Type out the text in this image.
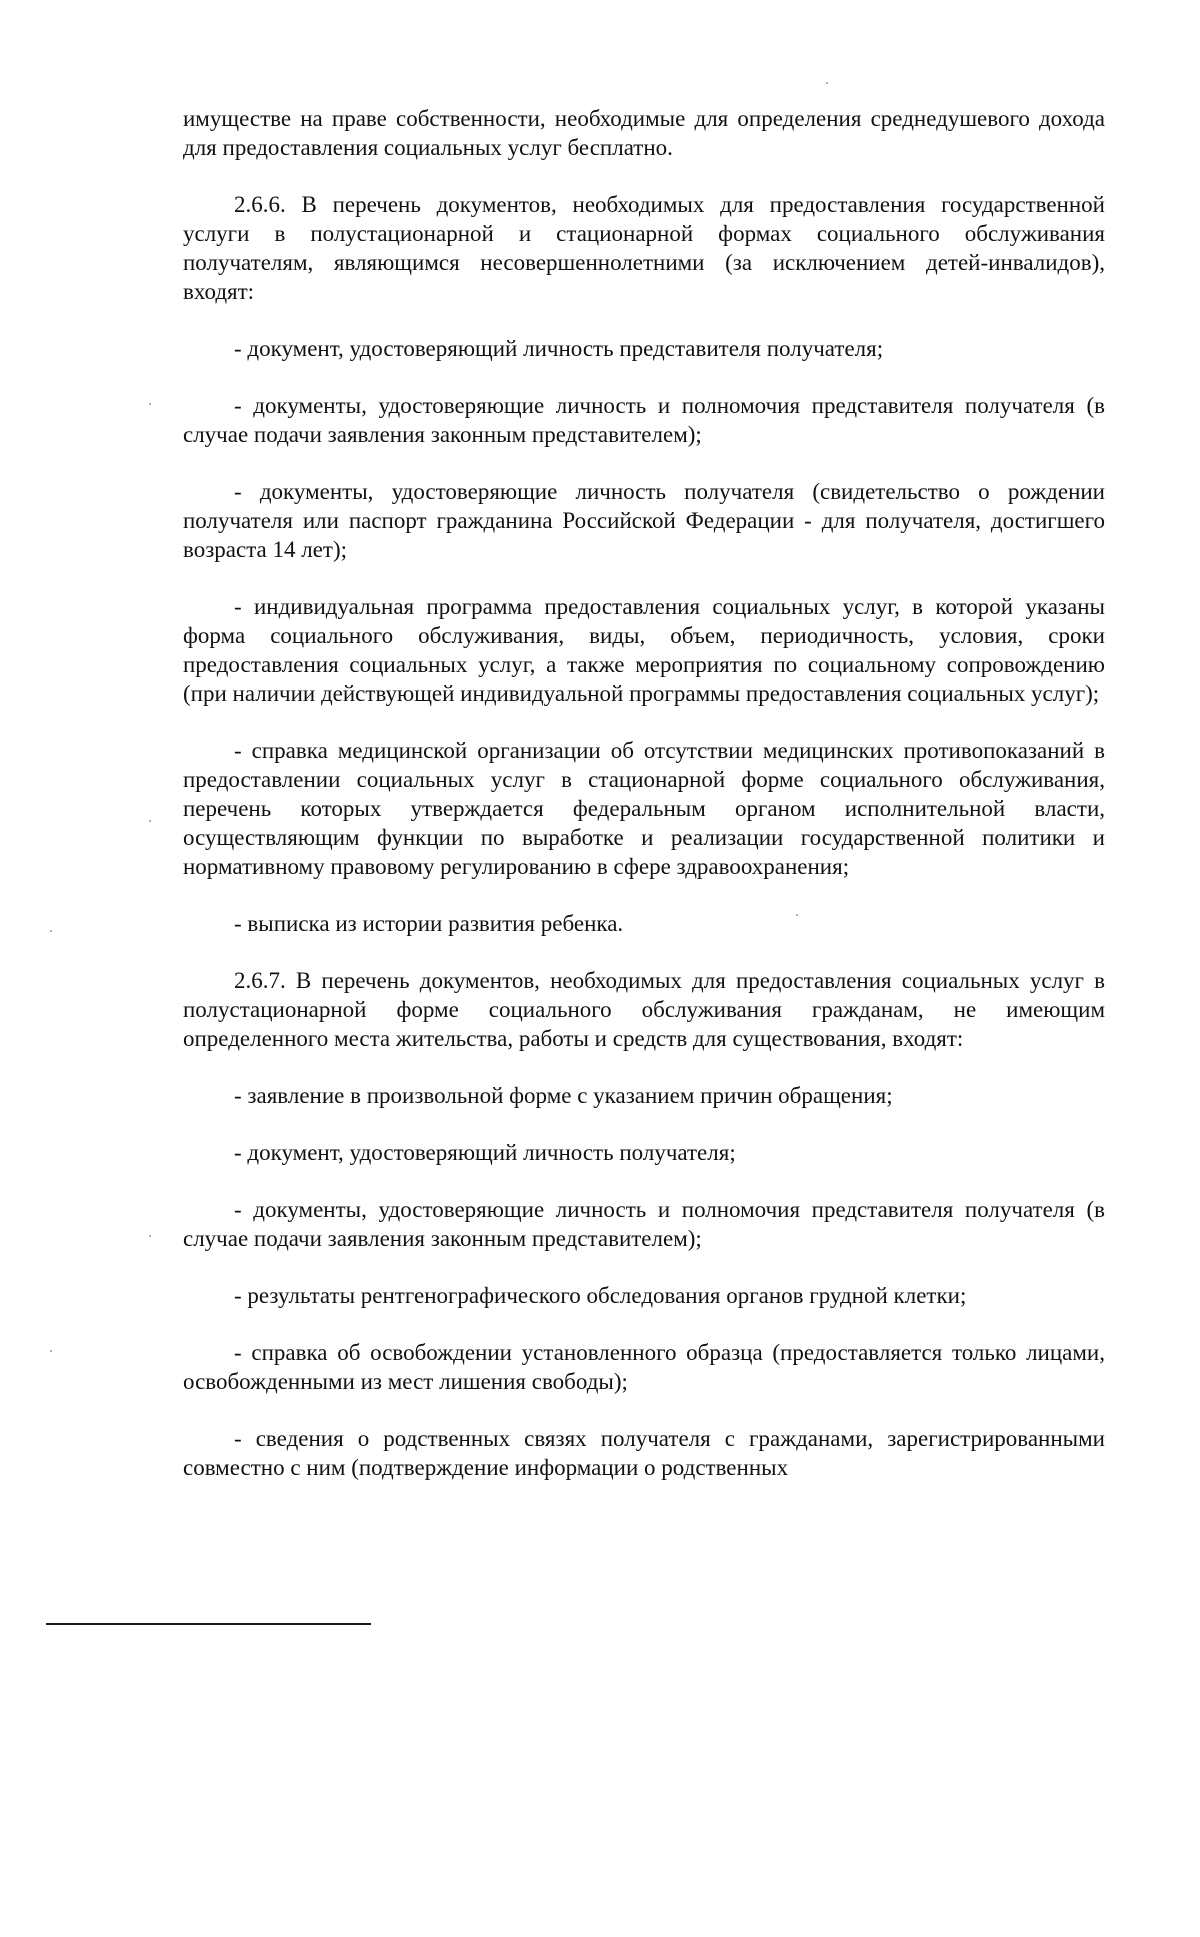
имуществе на праве собственности, необходимые для определения среднедушевого дохода для предоставления социальных услуг бесплатно.

2.6.6. В перечень документов, необходимых для предоставления государственной услуги в полустационарной и стационарной формах социального обслуживания получателям, являющимся несовершеннолетними (за исключением детей-инвалидов), входят:

- документ, удостоверяющий личность представителя получателя;

- документы, удостоверяющие личность и полномочия представителя получателя (в случае подачи заявления законным представителем);

- документы, удостоверяющие личность получателя (свидетельство о рождении получателя или паспорт гражданина Российской Федерации - для получателя, достигшего возраста 14 лет);

- индивидуальная программа предоставления социальных услуг, в которой указаны форма социального обслуживания, виды, объем, периодичность, условия, сроки предоставления социальных услуг, а также мероприятия по социальному сопровождению (при наличии действующей индивидуальной программы предоставления социальных услуг);

- справка медицинской организации об отсутствии медицинских противопоказаний в предоставлении социальных услуг в стационарной форме социального обслуживания, перечень которых утверждается федеральным органом исполнительной власти, осуществляющим функции по выработке и реализации государственной политики и нормативному правовому регулированию в сфере здравоохранения;

- выписка из истории развития ребенка.

2.6.7. В перечень документов, необходимых для предоставления социальных услуг в полустационарной форме социального обслуживания гражданам, не имеющим определенного места жительства, работы и средств для существования, входят:

- заявление в произвольной форме с указанием причин обращения;

- документ, удостоверяющий личность получателя;

- документы, удостоверяющие личность и полномочия представителя получателя (в случае подачи заявления законным представителем);

- результаты рентгенографического обследования органов грудной клетки;

- справка об освобождении установленного образца (предоставляется только лицами, освобожденными из мест лишения свободы);

- сведения о родственных связях получателя с гражданами, зарегистрированными совместно с ним (подтверждение информации о родственных
